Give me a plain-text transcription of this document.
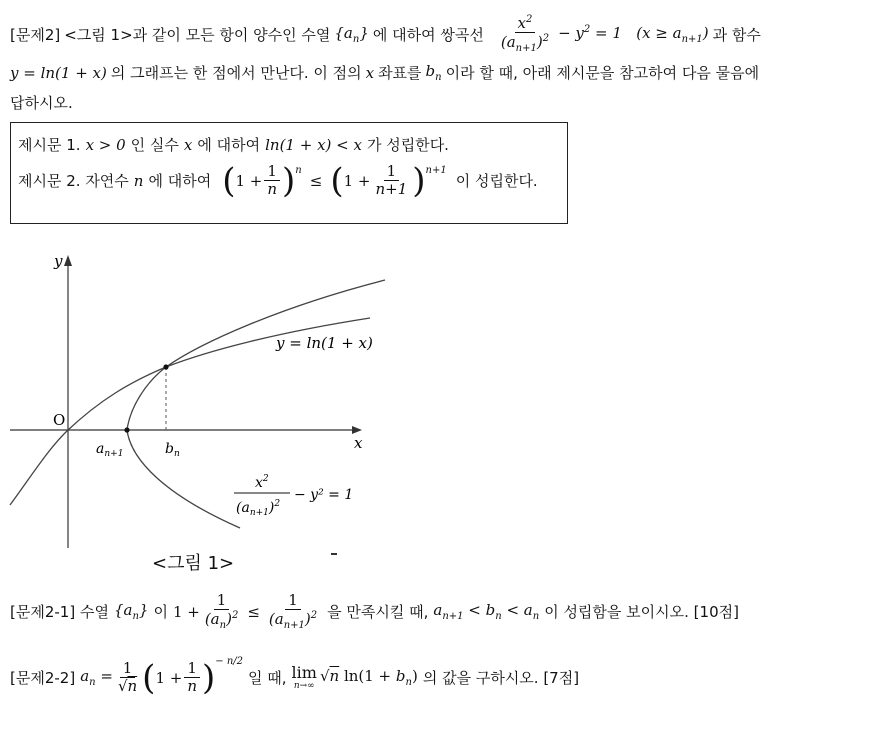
[문제2] <그림 1>과 같이 모든 항이 양수인 수열 $\{a_n\}$ 에 대하여 쌍곡선 $\frac{x^2}{(a_{n+1})^2} - y^2 = 1$   $(x \ge a_{n+1})$ 과 함수
y = ln(1 + x) 의 그래프는 한 점에서 만난다. 이 점의 x 좌표를 $b_n$ 이라 할 때, 아래 제시문을 참고하여 다음 물음에
답하시오.
제시문 1. x > 0 인 실수 x 에 대하여 ln(1 + x) < x 가 성립한다.
제시문 2. 자연수 n 에 대하여 ( $1 + \frac{1}{n} )^n$
≤ ( $1 + \frac{1}{n+1} )^{n+1}$
이 성립한다.
y
x
O
y = ln(1 + x)
$a_{n+1}$	$b_n$
$x^2$
$(a_{n+1})^2$
− y² = 1
<그림 1>
[문제2-1] 수열 $\{a_n\}$ 이 $1 + \frac{1}{(a_n)^2} \le \frac{1}{(a_{n+1})^2}$ 을 만족시킬 때, $a_{n+1} < b_n < a_n$ 이 성립함을 보이시오. [10점]
[문제2-2] $a_n = \frac{1}{√n}$ ( $1 + \frac{1}{n} )^{- n/2}$
일 때, lim
n→∞
√n $\ln(1 + b_n)$ 의 값을 구하시오. [7점]
